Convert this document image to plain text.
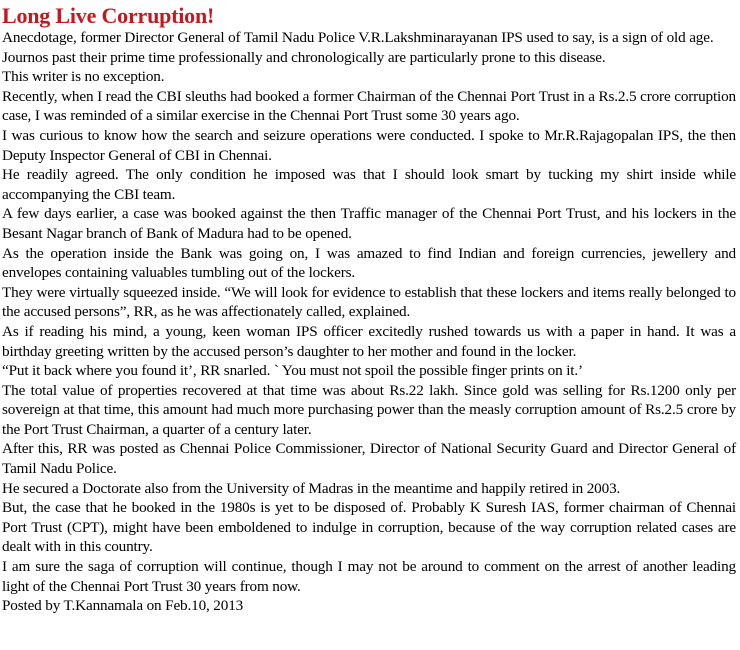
Long Live Corruption!

Anecdotage, former Director General of Tamil Nadu Police V.R.Lakshminarayanan IPS used to say, is a sign of old age.

Journos past their prime time professionally and chronologically are particularly prone to this disease.

This writer is no exception.

Recently, when I read the CBI sleuths had booked a former Chairman of the Chennai Port Trust in a Rs.2.5 crore corruption case, I was reminded of a similar exercise in the Chennai Port Trust some 30 years ago.

I was curious to know how the search and seizure operations were conducted. I spoke to Mr.R.Rajagopalan IPS, the then Deputy Inspector General of CBI in Chennai.

He readily agreed. The only condition he imposed was that I should look smart by tucking my shirt inside while accompanying the CBI team.

A few days earlier, a case was booked against the then Traffic manager of the Chennai Port Trust, and his lockers in the Besant Nagar branch of Bank of Madura had to be opened.

As the operation inside the Bank was going on, I was amazed to find Indian and foreign currencies, jewellery and envelopes containing valuables tumbling out of the lockers.

They were virtually squeezed inside. “We will look for evidence to establish that these lockers and items really belonged to the accused persons”, RR, as he was affectionately called, explained.

As if reading his mind, a young, keen woman IPS officer excitedly rushed towards us with a paper in hand. It was a birthday greeting written by the accused person’s daughter to her mother and found in the locker.

“Put it back where you found it’, RR snarled. ` You must not spoil the possible finger prints on it.’

The total value of properties recovered at that time was about Rs.22 lakh. Since gold was selling for Rs.1200 only per sovereign at that time, this amount had much more purchasing power than the measly corruption amount of Rs.2.5 crore by the Port Trust Chairman, a quarter of a century later.

After this, RR was posted as Chennai Police Commissioner, Director of National Security Guard and Director General of Tamil Nadu Police.

He secured a Doctorate also from the University of Madras in the meantime and happily retired in 2003.

But, the case that he booked in the 1980s is yet to be disposed of. Probably K Suresh IAS, former chairman of Chennai Port Trust (CPT), might have been emboldened to indulge in corruption, because of the way corruption related cases are dealt with in this country.

I am sure the saga of corruption will continue, though I may not be around to comment on the arrest of another leading light of the Chennai Port Trust 30 years from now.

Posted by T.Kannamala on Feb.10, 2013
